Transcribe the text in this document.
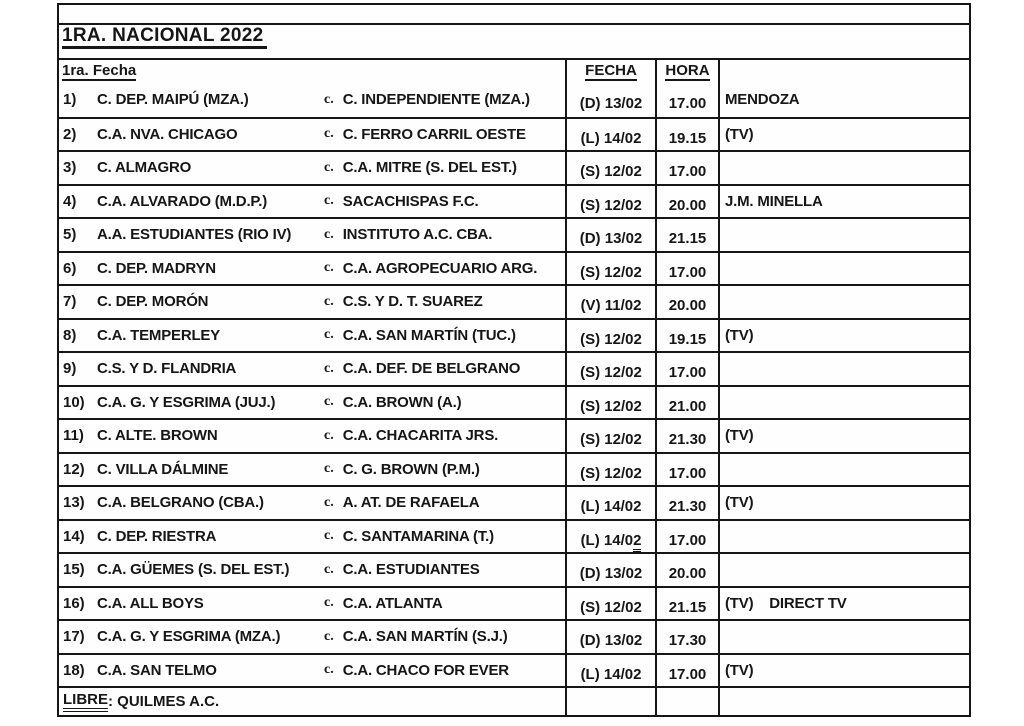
1RA. NACIONAL 2022
1ra. Fecha	FECHA HORA
1)	C. DEP. MAIPÚ (MZA.)	c. C. INDEPENDIENTE (MZA.)	(D) 13/02 17.00	MENDOZA
2)	C.A. NVA. CHICAGO	c. C. FERRO CARRIL OESTE	(L) 14/02 19.15	(TV)
3)	C. ALMAGRO	c. C.A. MITRE (S. DEL EST.)	(S) 12/02 17.00
4)	C.A. ALVARADO (M.D.P.)	c. SACACHISPAS F.C.	(S) 12/02 20.00	J.M. MINELLA
5)	A.A. ESTUDIANTES (RIO IV)	c. INSTITUTO A.C. CBA.	(D) 13/02 21.15
6)	C. DEP. MADRYN	c. C.A. AGROPECUARIO ARG.	(S) 12/02 17.00
7)	C. DEP. MORÓN	c. C.S. Y D. T. SUAREZ	(V) 11/02 20.00
8)	C.A. TEMPERLEY	c. C.A. SAN MARTÍN (TUC.)	(S) 12/02 19.15	(TV)
9)	C.S. Y D. FLANDRIA	c. C.A. DEF. DE BELGRANO	(S) 12/02 17.00
10) C.A. G. Y ESGRIMA (JUJ.)	c. C.A. BROWN (A.)	(S) 12/02 21.00
11) C. ALTE. BROWN	c. C.A. CHACARITA JRS.	(S) 12/02 21.30	(TV)
12) C. VILLA DÁLMINE	c. C. G. BROWN (P.M.)	(S) 12/02 17.00
13) C.A. BELGRANO (CBA.)	c. A. AT. DE RAFAELA	(L) 14/02 21.30	(TV)
14) C. DEP. RIESTRA	c. C. SANTAMARINA (T.)	(L) 14/02 17.00
15) C.A. GÜEMES (S. DEL EST.)	c. C.A. ESTUDIANTES	(D) 13/02 20.00
16) C.A. ALL BOYS	c. C.A. ATLANTA	(S) 12/02 21.15	(TV)    DIRECT TV
17) C.A. G. Y ESGRIMA (MZA.)	c. C.A. SAN MARTÍN (S.J.)	(D) 13/02 17.30
18) C.A. SAN TELMO	c. C.A. CHACO FOR EVER	(L) 14/02 17.00	(TV)
LIBRE : QUILMES A.C.
